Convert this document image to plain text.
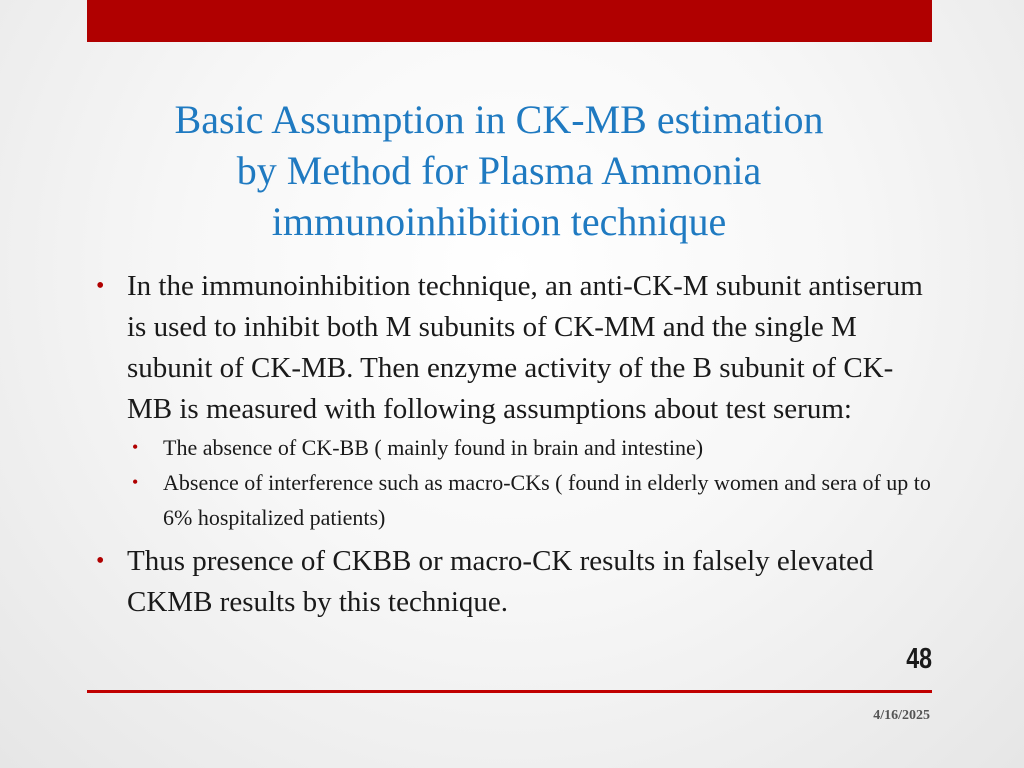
Basic Assumption in CK-MB estimation
by Method for Plasma Ammonia
immunoinhibition technique
• In the immunoinhibition technique, an anti-CK-M subunit antiserum is used to inhibit both M subunits of CK-MM and the single M subunit of CK-MB. Then enzyme activity of the B subunit of CK-MB is measured with following assumptions about test serum:
• The absence of CK-BB ( mainly found in brain and intestine)
• Absence of interference such as macro-CKs ( found in elderly women and sera of up to 6% hospitalized patients)
• Thus presence of CKBB or macro-CK results in falsely elevated CKMB results by this technique.
48
4/16/2025
